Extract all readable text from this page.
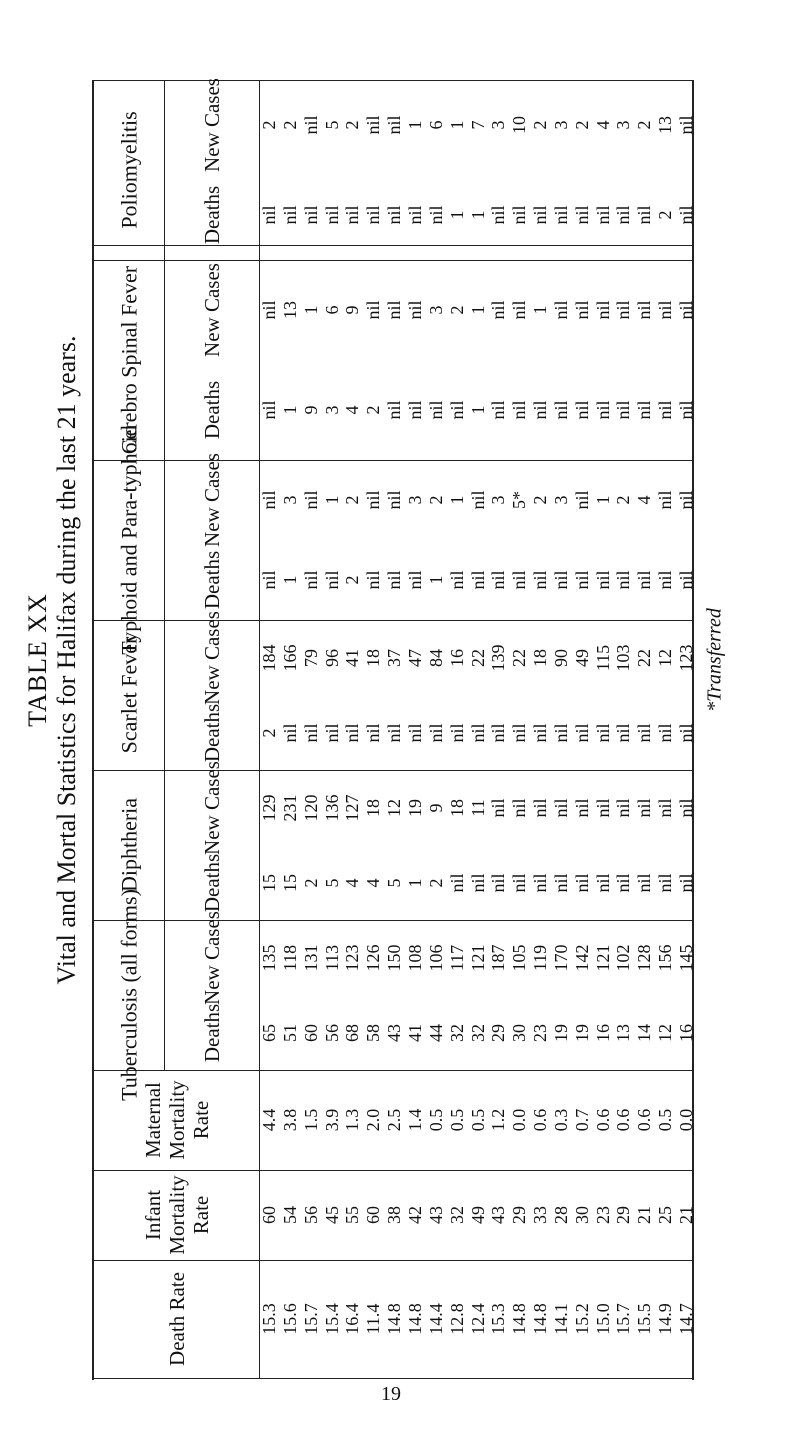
TABLE XX Vital and Mortal Statistics for Halifax during the last 21 years.
Poliomyelitis
Cerebro Spinal Fever
Typhoid and Para-typhoid
Scarlet Fever
Diphtheria
Tuberculosis (all forms)
New Cases
Deaths
New Cases
Deaths
New Cases
Deaths
New Cases
Deaths
New Cases
Deaths
New Cases
Deaths
Maternal Mortality Rate
Infant Mortality Rate
Death Rate
2 2 nil 5 2 nil nil 1 6 1 7 3 10 2 3 2 4 3 2 13 nil
nil nil nil nil nil nil nil nil nil 1 1 nil nil nil nil nil nil nil nil 2 nil
nil 13 1 6 9 nil nil nil 3 2 1 nil nil 1 nil nil nil nil nil nil nil
nil 1 9 3 4 2 nil nil nil nil 1 nil nil nil nil nil nil nil nil nil nil
nil 3 nil 1 2 nil nil 3 2 1 nil 3 5* 2 3 nil 1 2 4 nil nil
nil 1 nil nil 2 nil nil nil 1 nil nil nil nil nil nil nil nil nil nil nil nil
184 166 79 96 41 18 37 47 84 16 22 139 22 18 90 49 115 103 22 12 123
2 nil nil nil nil nil nil nil nil nil nil nil nil nil nil nil nil nil nil nil nil
129 231 120 136 127 18 12 19 9 18 11 nil nil nil nil nil nil nil nil nil nil
15 15 2 5 4 4 5 1 2 nil nil nil nil nil nil nil nil nil nil nil nil
135 118 131 113 123 126 150 108 106 117 121 187 105 119 170 142 121 102 128 156 145
65 51 60 56 68 58 43 41 44 32 32 29 30 23 19 19 16 13 14 12 16
4.4 3.8 1.5 3.9 1.3 2.0 2.5 1.4 0.5 0.5 0.5 1.2 0.0 0.6 0.3 0.7 0.6 0.6 0.6 0.5 0.0
60 54 56 45 55 60 38 42 43 32 49 43 29 33 28 30 23 29 21 25 21
15.3 15.6 15.7 15.4 16.4 11.4 14.8 14.8 14.4 12.8 12.4 15.3 14.8 14.8 14.1 15.2 15.0 15.7 15.5 14.9 14.7
*Transferred
19
